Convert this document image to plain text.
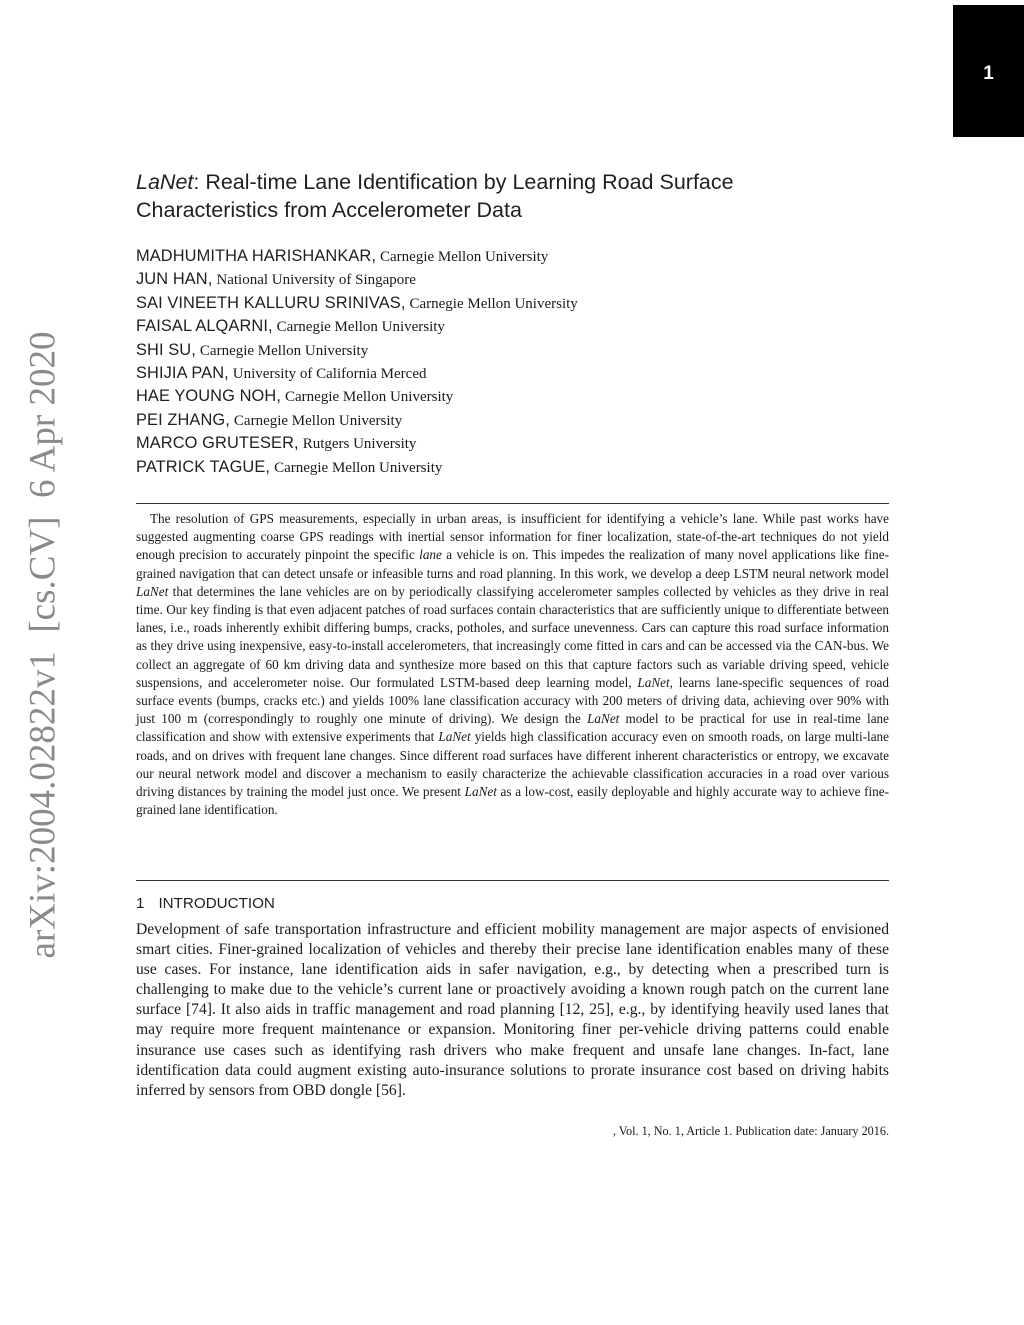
1
arXiv:2004.02822v1  [cs.CV]  6 Apr 2020
LaNet: Real-time Lane Identification by Learning Road Surface
Characteristics from Accelerometer Data
MADHUMITHA HARISHANKAR, Carnegie Mellon University
JUN HAN, National University of Singapore
SAI VINEETH KALLURU SRINIVAS, Carnegie Mellon University
FAISAL ALQARNI, Carnegie Mellon University
SHI SU, Carnegie Mellon University
SHIJIA PAN, University of California Merced
HAE YOUNG NOH, Carnegie Mellon University
PEI ZHANG, Carnegie Mellon University
MARCO GRUTESER, Rutgers University
PATRICK TAGUE, Carnegie Mellon University

The resolution of GPS measurements, especially in urban areas, is insufficient for identifying a vehicle’s lane. While past works have suggested augmenting coarse GPS readings with inertial sensor information for finer localization, state-of-the-art techniques do not yield enough precision to accurately pinpoint the specific lane a vehicle is on. This impedes the realization of many novel applications like fine-grained navigation that can detect unsafe or infeasible turns and road planning. In this work, we develop a deep LSTM neural network model LaNet that determines the lane vehicles are on by periodically classifying accelerometer samples collected by vehicles as they drive in real time. Our key finding is that even adjacent patches of road surfaces contain characteristics that are sufficiently unique to differentiate between lanes, i.e., roads inherently exhibit differing bumps, cracks, potholes, and surface unevenness. Cars can capture this road surface information as they drive using inexpensive, easy-to-install accelerometers, that increasingly come fitted in cars and can be accessed via the CAN-bus. We collect an aggregate of 60 km driving data and synthesize more based on this that capture factors such as variable driving speed, vehicle suspensions, and accelerometer noise. Our formulated LSTM-based deep learning model, LaNet, learns lane-specific sequences of road surface events (bumps, cracks etc.) and yields 100% lane classification accuracy with 200 meters of driving data, achieving over 90% with just 100 m (correspondingly to roughly one minute of driving). We design the LaNet model to be practical for use in real-time lane classification and show with extensive experiments that LaNet yields high classification accuracy even on smooth roads, on large multi-lane roads, and on drives with frequent lane changes. Since different road surfaces have different inherent characteristics or entropy, we excavate our neural network model and discover a mechanism to easily characterize the achievable classification accuracies in a road over various driving distances by training the model just once. We present LaNet as a low-cost, easily deployable and highly accurate way to achieve fine-grained lane identification.

1 INTRODUCTION

Development of safe transportation infrastructure and efficient mobility management are major aspects of envisioned smart cities. Finer-grained localization of vehicles and thereby their precise lane identification enables many of these use cases. For instance, lane identification aids in safer navigation, e.g., by detecting when a prescribed turn is challenging to make due to the vehicle’s current lane or proactively avoiding a known rough patch on the current lane surface [74]. It also aids in traffic management and road planning [12, 25], e.g., by identifying heavily used lanes that may require more frequent maintenance or expansion. Monitoring finer per-vehicle driving patterns could enable insurance use cases such as identifying rash drivers who make frequent and unsafe lane changes. In-fact, lane identification data could augment existing auto-insurance solutions to prorate insurance cost based on driving habits inferred by sensors from OBD dongle [56].

, Vol. 1, No. 1, Article 1. Publication date: January 2016.
